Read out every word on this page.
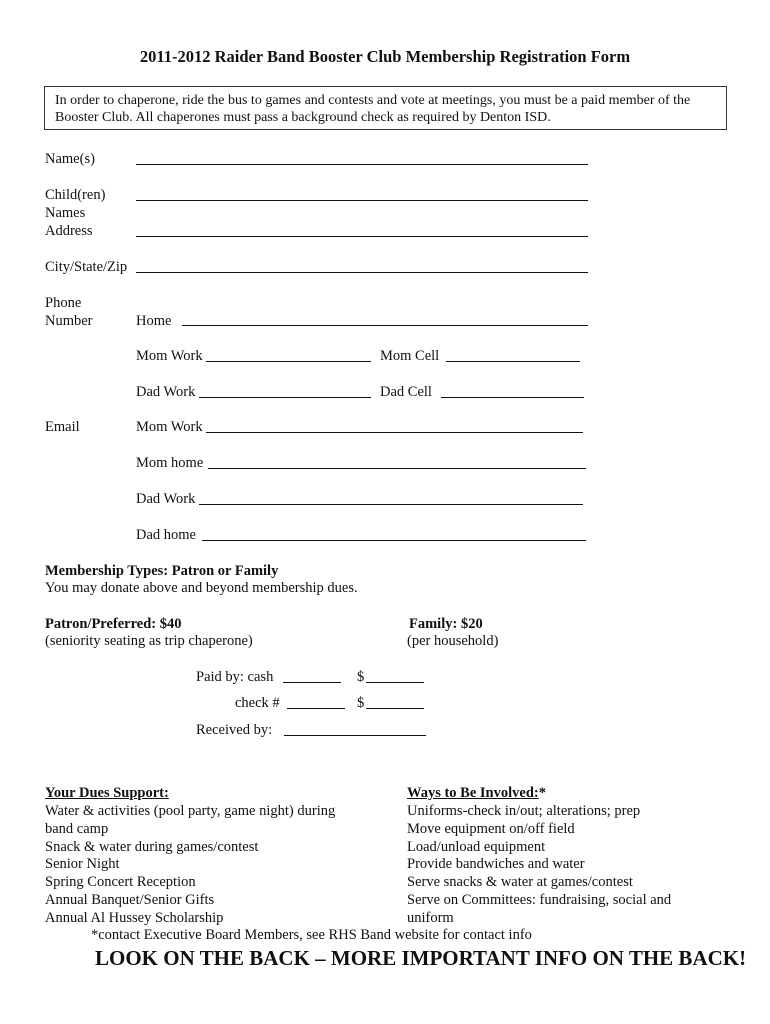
2011-2012 Raider Band Booster Club Membership Registration Form
In order to chaperone, ride the bus to games and contests and vote at meetings, you must be a paid member of the Booster Club. All chaperones must pass a background check as required by Denton ISD.
Name(s)
Child(ren)
Names
Address
City/State/Zip
Phone
Number	Home
Mom Work	Mom Cell
Dad Work	Dad Cell
Email	Mom Work
Mom home
Dad Work
Dad home
Membership Types: Patron or Family
You may donate above and beyond membership dues.
Patron/Preferred: $40
(seniority seating as trip chaperone)
Family: $20
(per household)
Paid by: cash	$
check #	$
Received by:
Your Dues Support:
Water & activities (pool party, game night) during
band camp
Snack & water during games/contest
Senior Night
Spring Concert Reception
Annual Banquet/Senior Gifts
Annual Al Hussey Scholarship
Ways to Be Involved:*
Uniforms-check in/out; alterations; prep
Move equipment on/off field
Load/unload equipment
Provide bandwiches and water
Serve snacks & water at games/contest
Serve on Committees: fundraising, social and
uniform
*contact Executive Board Members, see RHS Band website for contact info
LOOK ON THE BACK – MORE IMPORTANT INFO ON THE BACK!
